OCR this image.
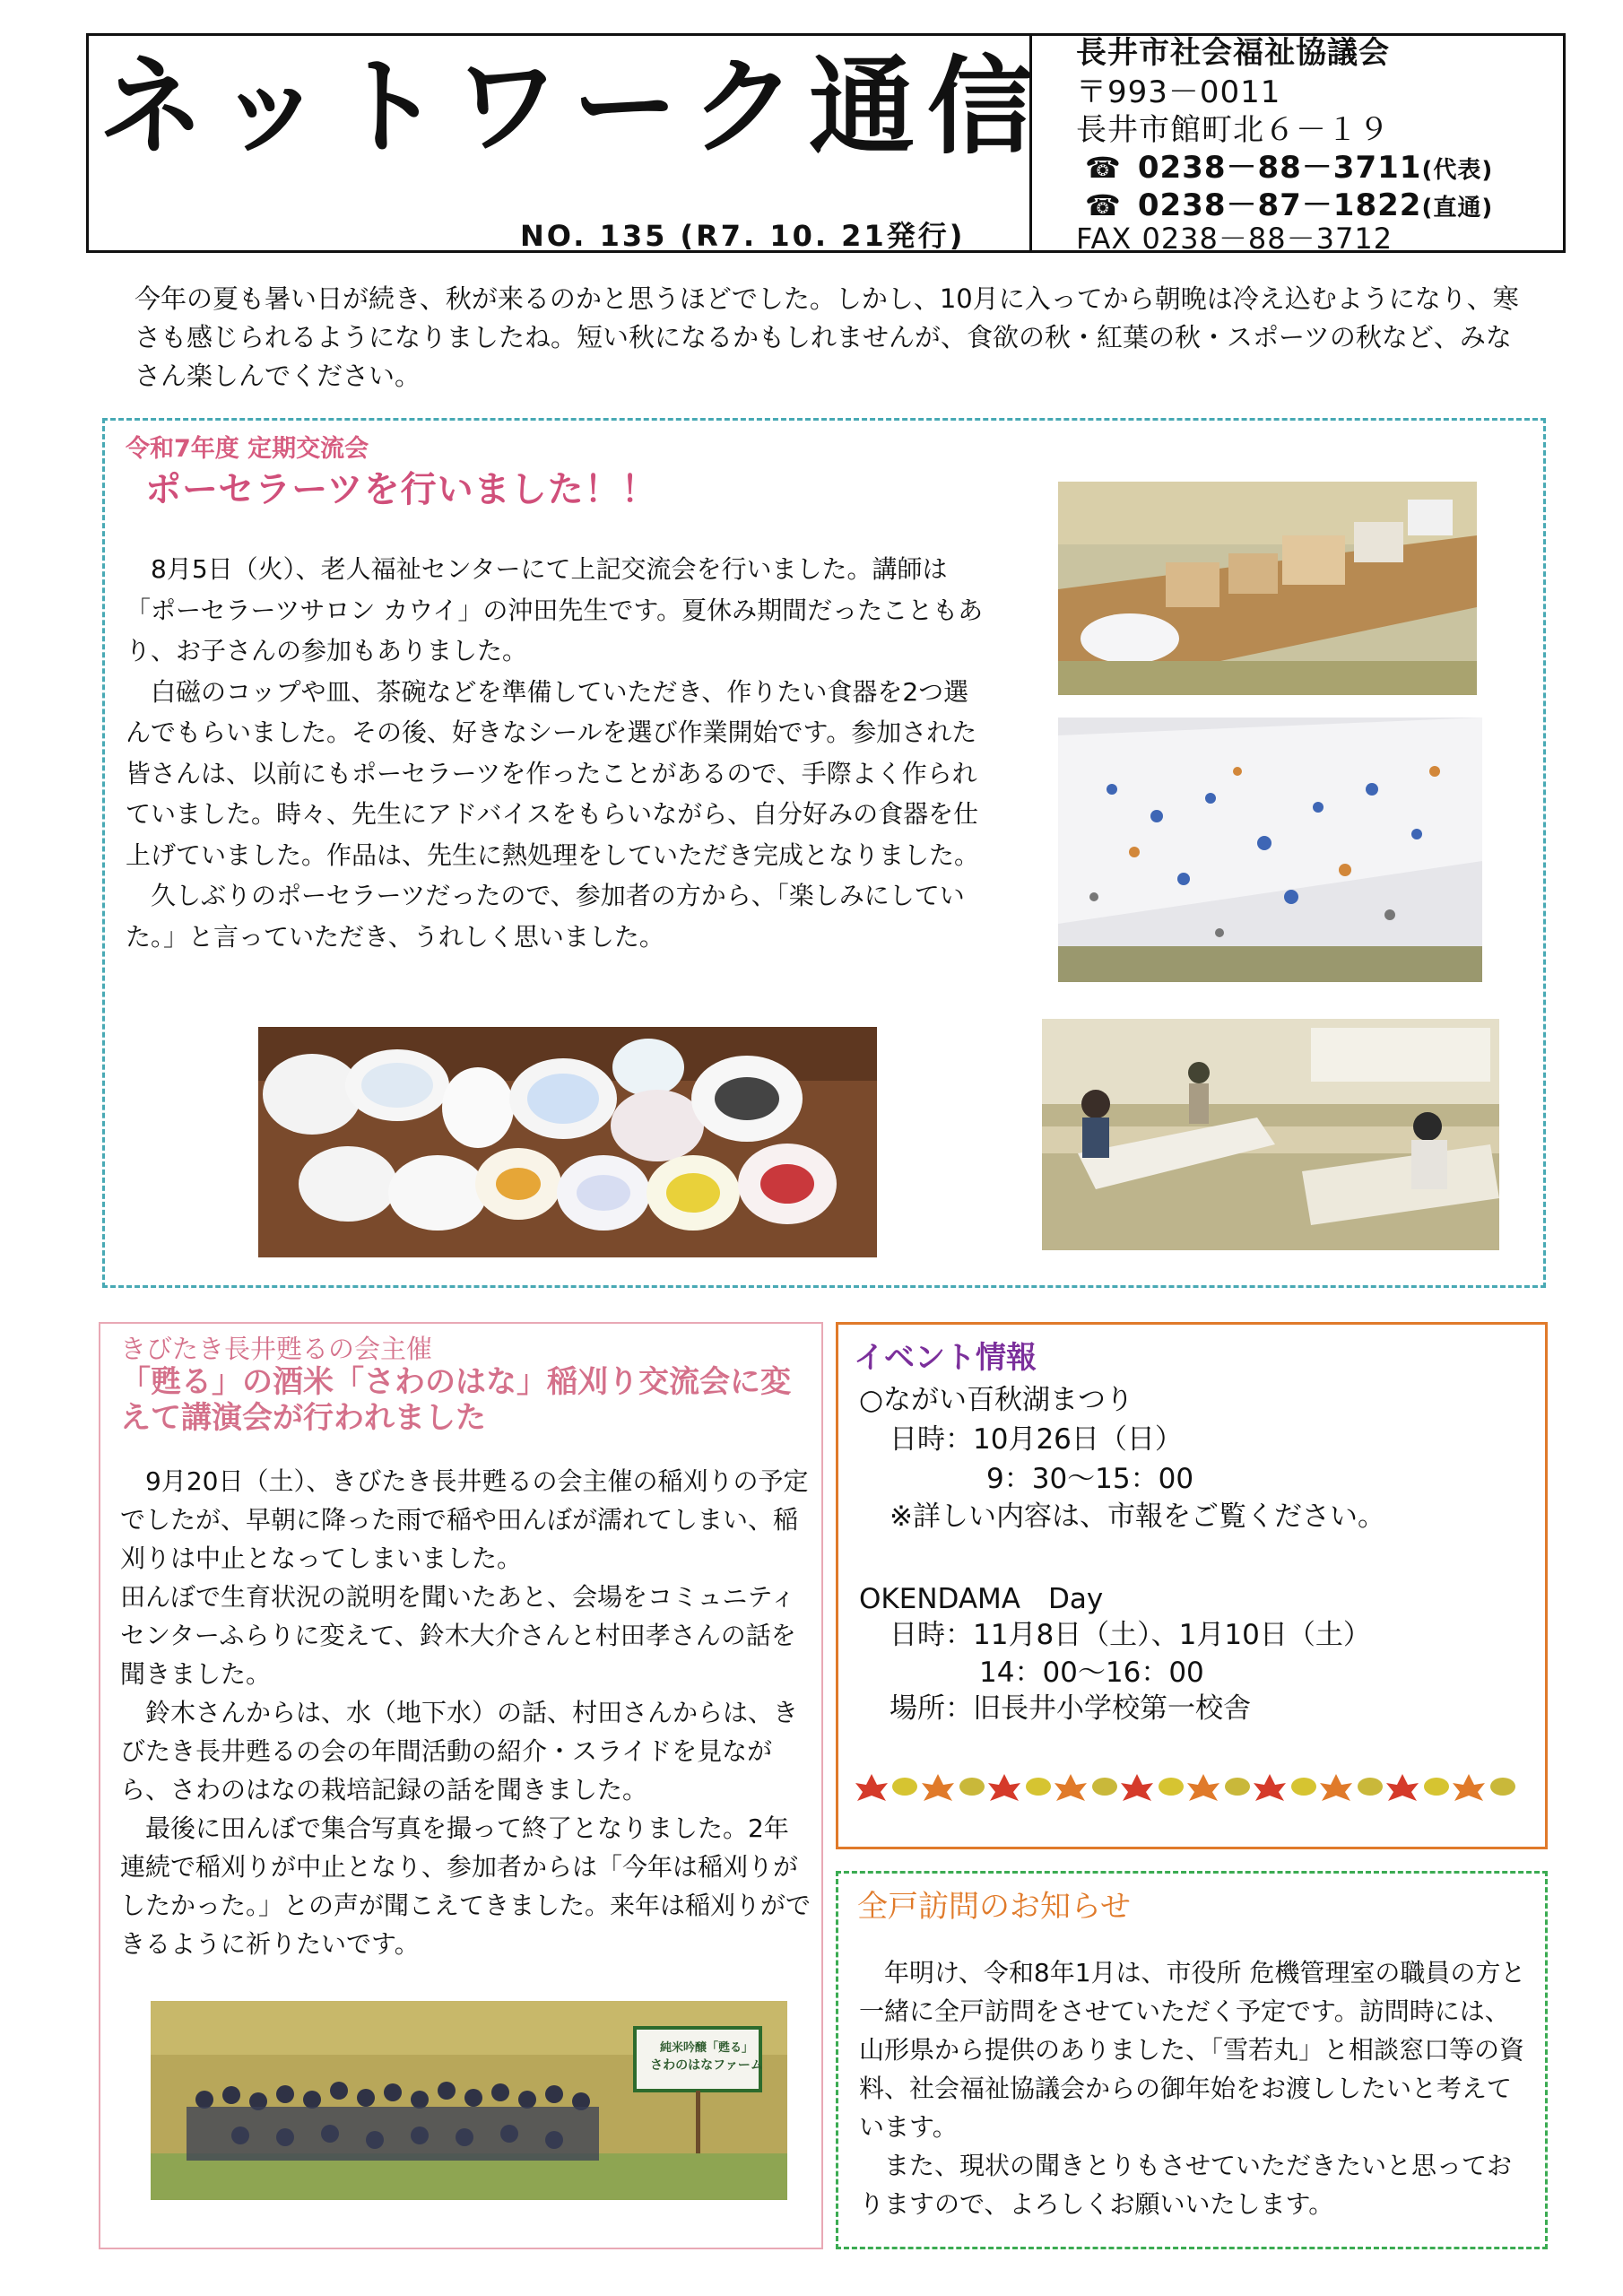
ネットワーク通信
NO. 135 (R7. 10. 21発行)
長井市社会福祉協議会
〒993－0011
長井市館町北６－１９
☎ 0238－88－3711(代表)
☎ 0238－87－1822(直通)
FAX 0238－88－3712
今年の夏も暑い日が続き、秋が来るのかと思うほどでした。しかし、10月に入ってから朝晩は冷え込むようになり、寒さも感じられるようになりましたね。短い秋になるかもしれませんが、食欲の秋・紅葉の秋・スポーツの秋など、みなさん楽しんでください。
令和7年度 定期交流会
ポーセラーツを行いました！！

　8月5日（火）、老人福祉センターにて上記交流会を行いました。講師は「ポーセラーツサロン カウイ」の沖田先生です。夏休み期間だったこともあり、お子さんの参加もありました。

　白磁のコップや皿、茶碗などを準備していただき、作りたい食器を2つ選んでもらいました。その後、好きなシールを選び作業開始です。参加された皆さんは、以前にもポーセラーツを作ったことがあるので、手際よく作られていました。時々、先生にアドバイスをもらいながら、自分好みの食器を仕上げていました。作品は、先生に熱処理をしていただき完成となりました。

　久しぶりのポーセラーツだったので、参加者の方から、「楽しみにしていた。」と言っていただき、うれしく思いました。

きびたき長井甦るの会主催
「甦る」の酒米「さわのはな」稲刈り交流会に変えて講演会が行われました

　9月20日（土）、きびたき長井甦るの会主催の稲刈りの予定でしたが、早朝に降った雨で稲や田んぼが濡れてしまい、稲刈りは中止となってしまいました。

田んぼで生育状況の説明を聞いたあと、会場をコミュニティセンターふらりに変えて、鈴木大介さんと村田孝さんの話を聞きました。

　鈴木さんからは、水（地下水）の話、村田さんからは、きびたき長井甦るの会の年間活動の紹介・スライドを見ながら、さわのはなの栽培記録の話を聞きました。

　最後に田んぼで集合写真を撮って終了となりました。2年連続で稲刈りが中止となり、参加者からは「今年は稲刈りがしたかった。」との声が聞こえてきました。来年は稲刈りができるように祈りたいです。

純米吟醸「甦る」
さわのはなファーム
イベント情報
○ながい百秋湖まつり
日時：10月26日（日）
9：30〜15：00
※詳しい内容は、市報をご覧ください。
OKENDAMA　Day
日時：11月8日（土）、1月10日（土）
14：00〜16：00
場所：旧長井小学校第一校舎
全戸訪問のお知らせ

　年明け、令和8年1月は、市役所 危機管理室の職員の方と一緒に全戸訪問をさせていただく予定です。訪問時には、山形県から提供のありました、「雪若丸」と相談窓口等の資料、社会福祉協議会からの御年始をお渡ししたいと考えています。

　また、現状の聞きとりもさせていただきたいと思っておりますので、よろしくお願いいたします。
